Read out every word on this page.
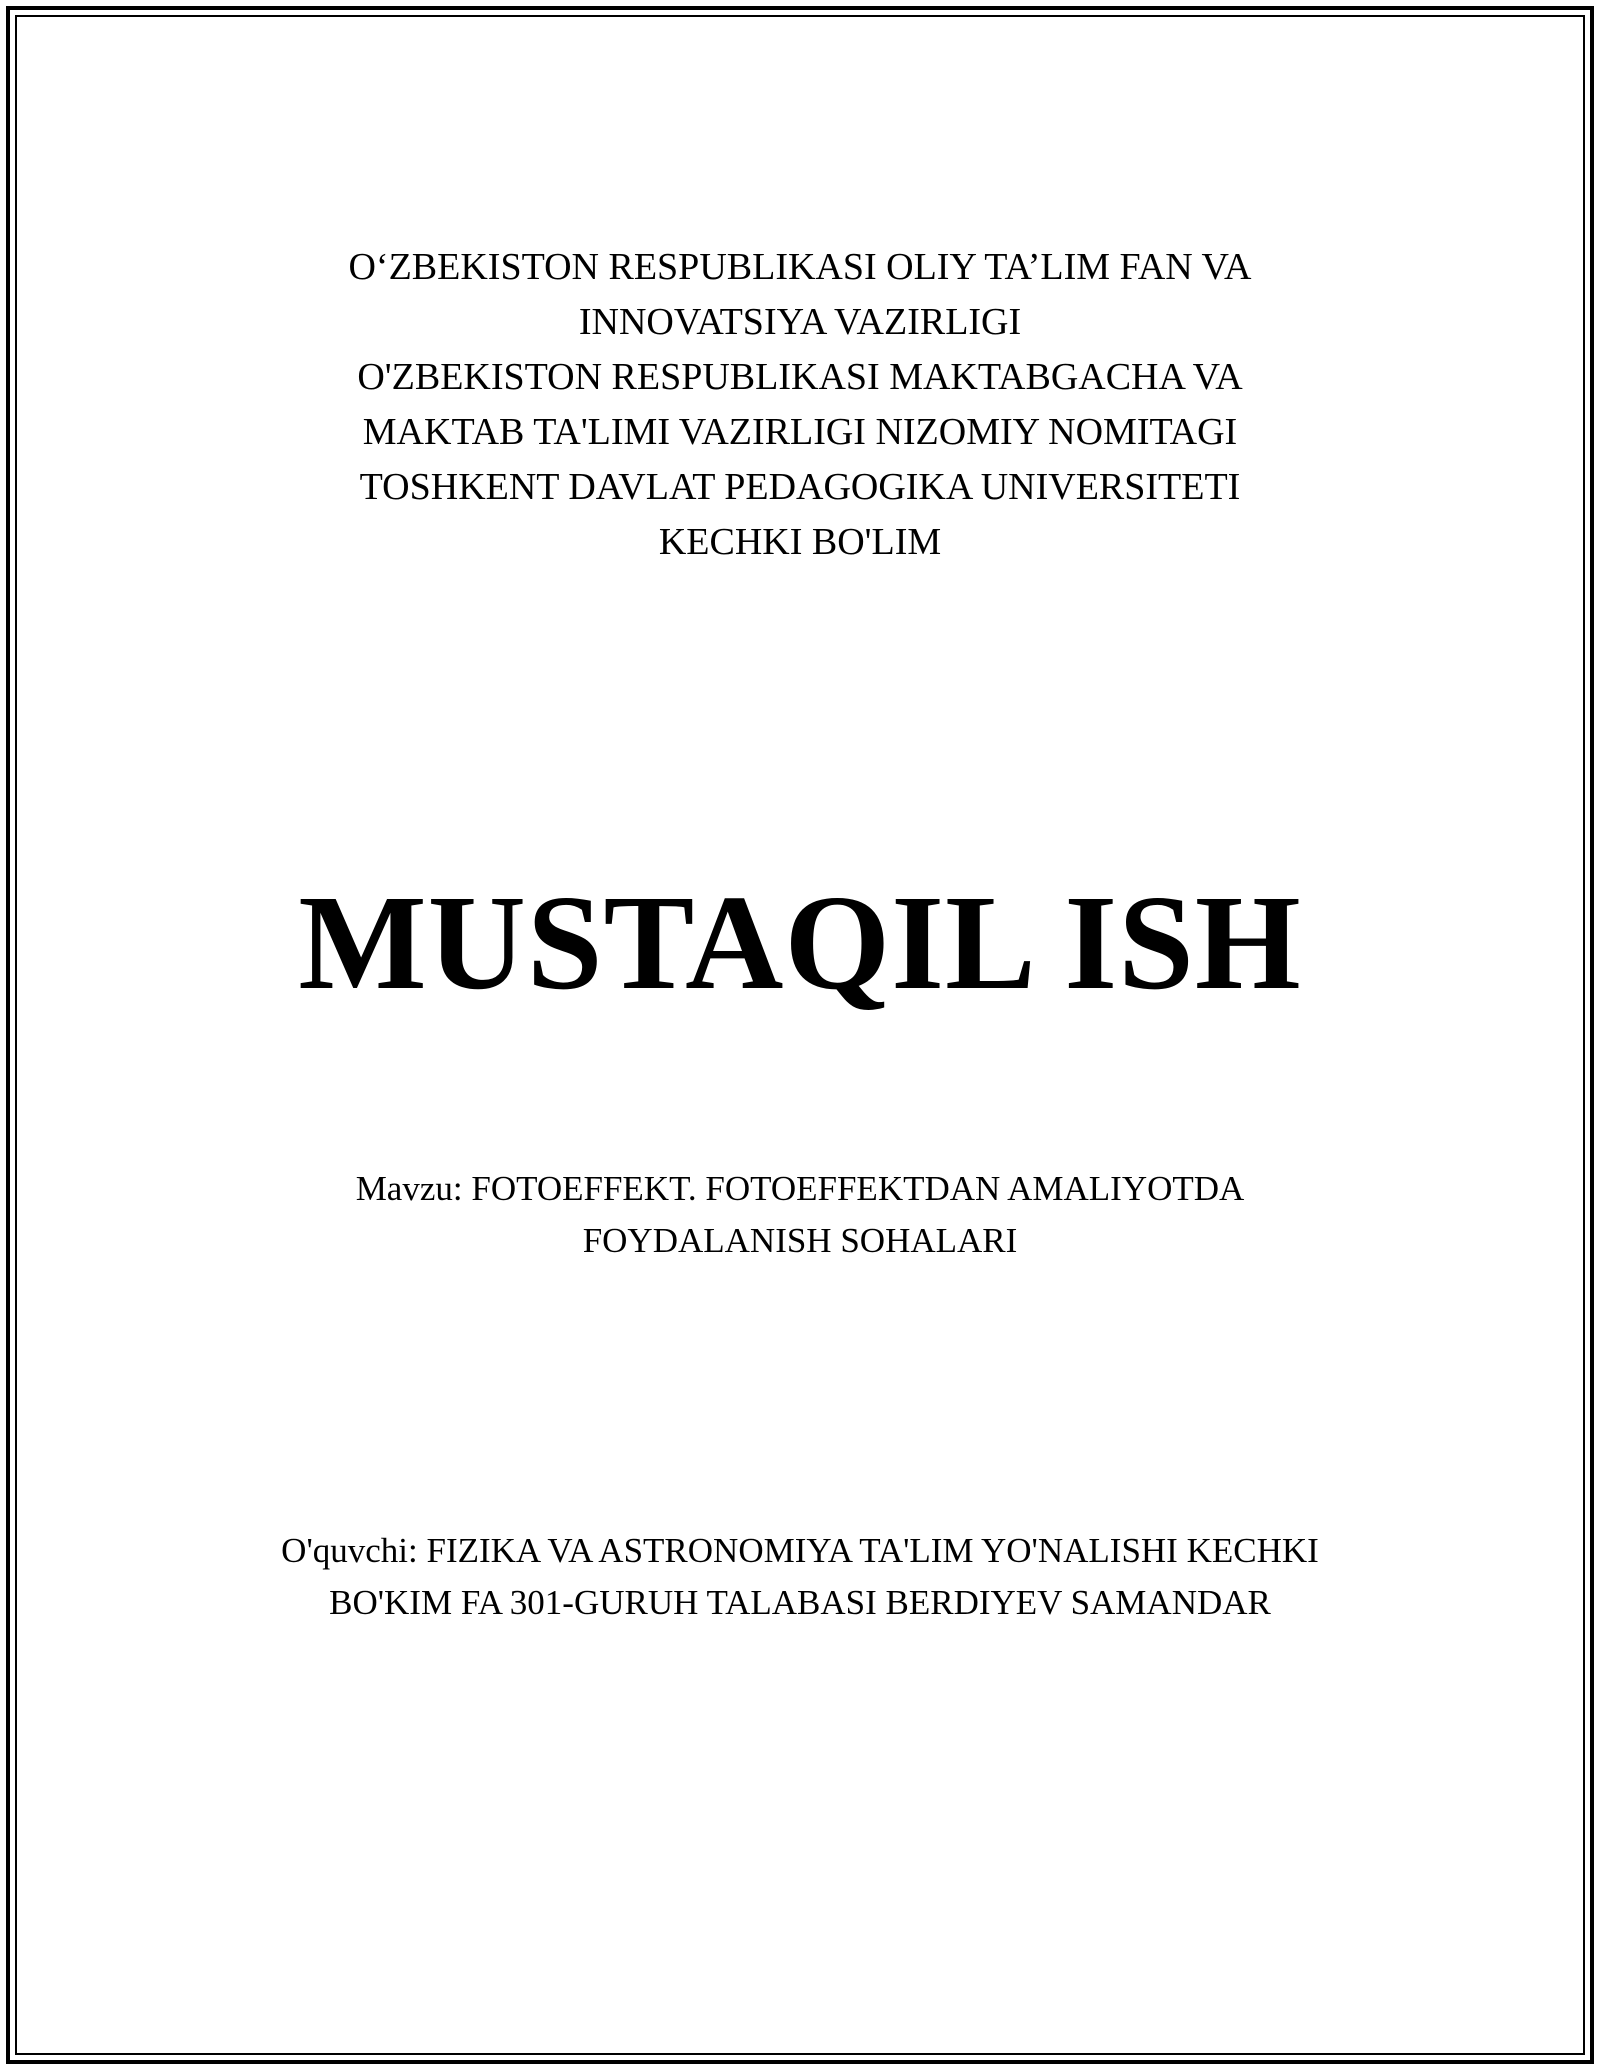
O‘ZBEKISTON RESPUBLIKASI OLIY TA’LIM FAN VA
INNOVATSIYA VAZIRLIGI
O'ZBEKISTON RESPUBLIKASI MAKTABGACHA VA
MAKTAB TA'LIMI VAZIRLIGI NIZOMIY NOMITAGI
TOSHKENT DAVLAT PEDAGOGIKA UNIVERSITETI
KECHKI BO'LIM
MUSTAQIL ISH
Mavzu: FOTOEFFEKT. FOTOEFFEKTDAN AMALIYOTDA
FOYDALANISH SOHALARI
O'quvchi: FIZIKA VA ASTRONOMIYA TA'LIM YO'NALISHI KECHKI
BO'KIM FA 301-GURUH TALABASI BERDIYEV SAMANDAR
